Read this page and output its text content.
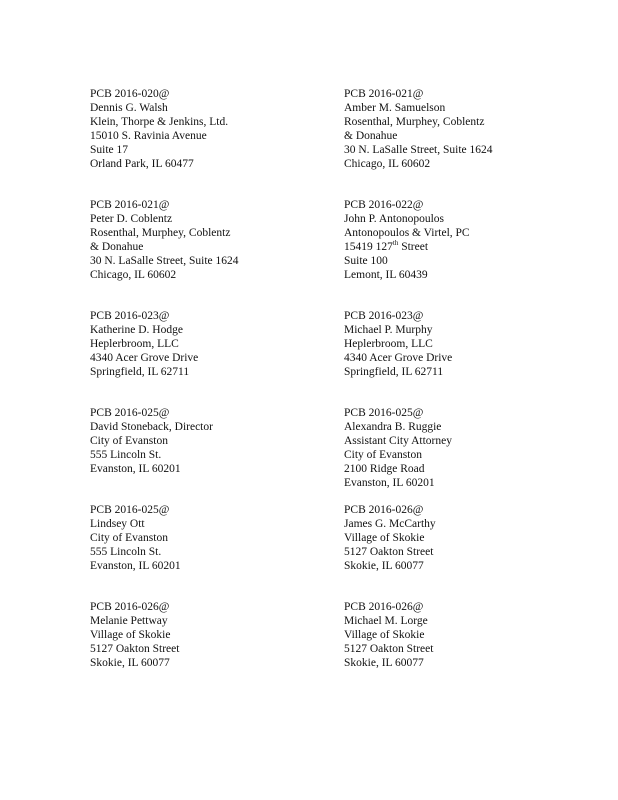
PCB 2016-020@
Dennis G. Walsh
Klein, Thorpe & Jenkins, Ltd.
15010 S. Ravinia Avenue
Suite 17
Orland Park, IL 60477
PCB 2016-021@
Amber M. Samuelson
Rosenthal, Murphey, Coblentz
& Donahue
30 N. LaSalle Street, Suite 1624
Chicago, IL 60602
PCB 2016-021@
Peter D. Coblentz
Rosenthal, Murphey, Coblentz
& Donahue
30 N. LaSalle Street, Suite 1624
Chicago, IL 60602
PCB 2016-022@
John P. Antonopoulos
Antonopoulos & Virtel, PC
15419 127th Street
Suite 100
Lemont, IL 60439
PCB 2016-023@
Katherine D. Hodge
Heplerbroom, LLC
4340 Acer Grove Drive
Springfield, IL 62711
PCB 2016-023@
Michael P. Murphy
Heplerbroom, LLC
4340 Acer Grove Drive
Springfield, IL 62711
PCB 2016-025@
David Stoneback, Director
City of Evanston
555 Lincoln St.
Evanston, IL 60201
PCB 2016-025@
Alexandra B. Ruggie
Assistant City Attorney
City of Evanston
2100 Ridge Road
Evanston, IL 60201
PCB 2016-025@
Lindsey Ott
City of Evanston
555 Lincoln St.
Evanston, IL 60201
PCB 2016-026@
James G. McCarthy
Village of Skokie
5127 Oakton Street
Skokie, IL 60077
PCB 2016-026@
Melanie Pettway
Village of Skokie
5127 Oakton Street
Skokie, IL 60077
PCB 2016-026@
Michael M. Lorge
Village of Skokie
5127 Oakton Street
Skokie, IL 60077
